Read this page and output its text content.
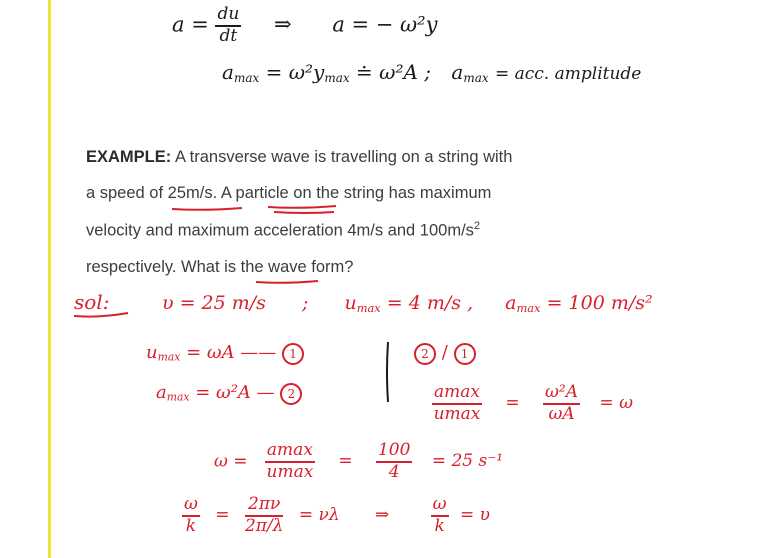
$a = \frac{du}{dt}$ ⇒ a = − ω²y
$a_{max} = \omega^2y_{max}$ ≐ ω²A ; $a_{max}$ = acc. amplitude
EXAMPLE: A transverse wave is travelling on a string with
a speed of 25m/s. A particle on the string has maximum
velocity and maximum acceleration 4m/s and $100m/s^2$
respectively. What is the wave form?
sol:	υ = 25 m/s ; $u_{max} = 4$ m/s , $a_{max} = 100$ m/s²
$u_{max} = \omega A$ —— 1
$a_{max} = \omega^2A$ — 2
2 / 1
$\frac{amax}{umax} = \frac{\text{ω²A}}{\omega A} = \omega$
$\omega = \frac{amax}{umax} = \frac{100}{4} = 25$ s⁻¹
$\frac{\omega}{k} = \frac{2\pi\nu}{2\pi/\lambda} = \nu\lambda$ ⇒ $\frac{\omega}{k} = \upsilon$
